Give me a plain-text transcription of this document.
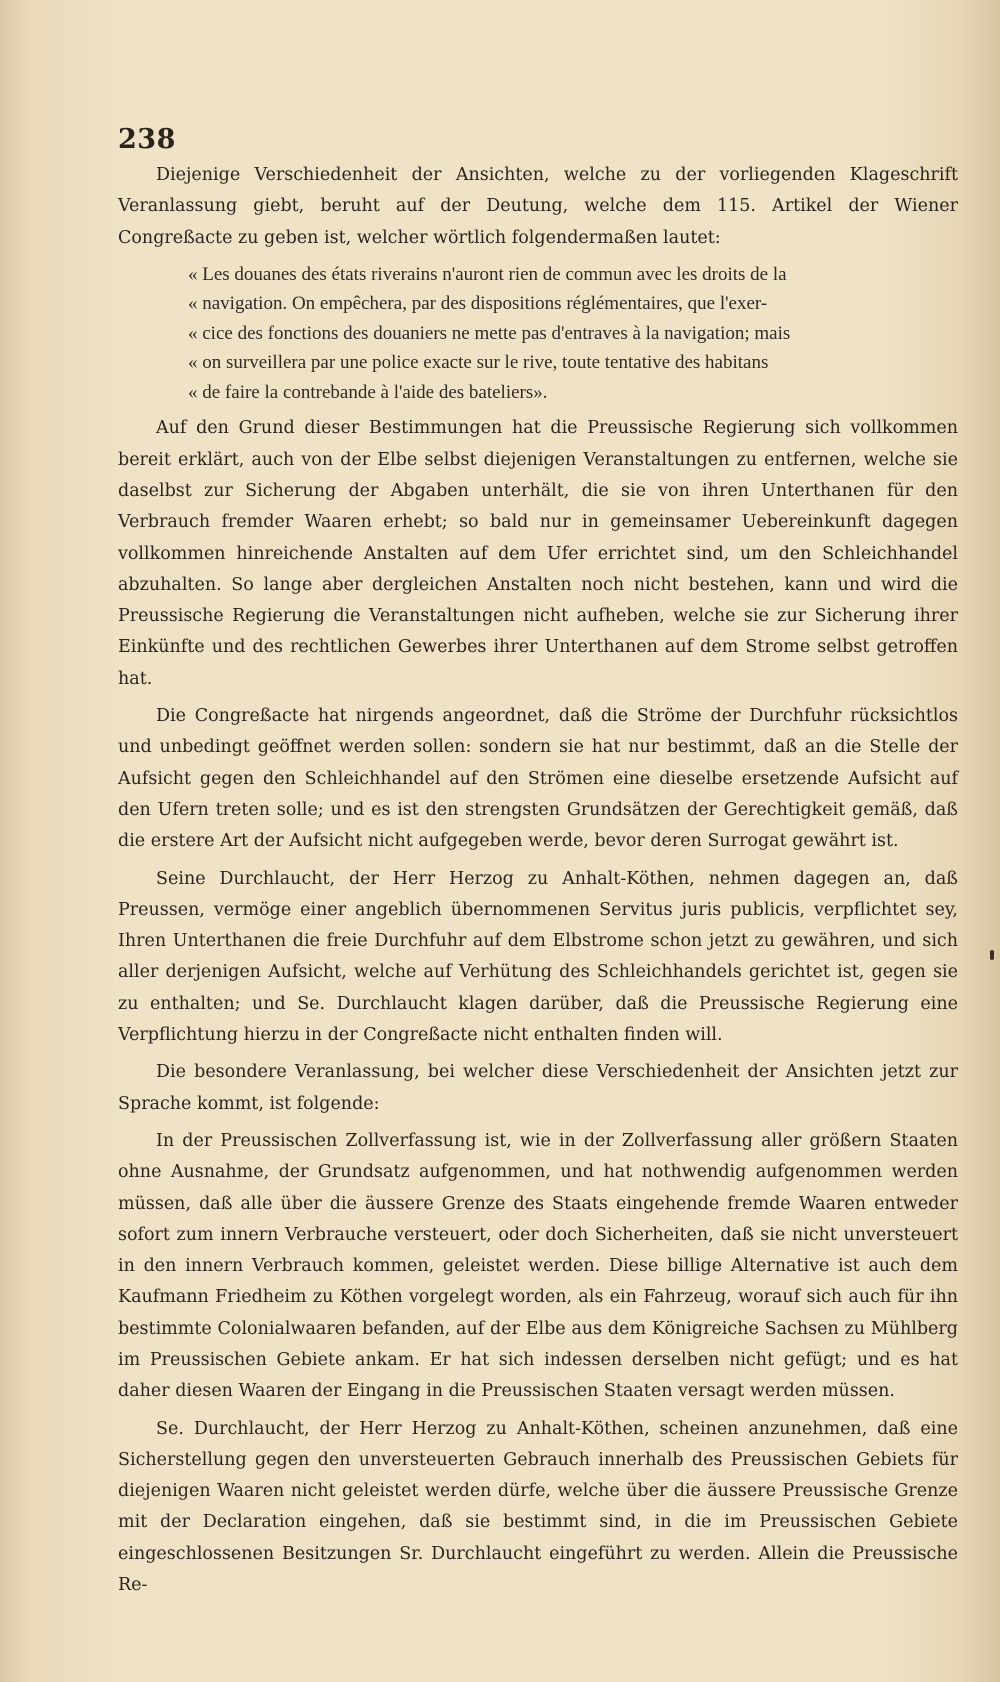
238

Diejenige Verschiedenheit der Ansichten, welche zu der vorliegenden Klageschrift Veranlassung giebt, beruht auf der Deutung, welche dem 115. Artikel der Wiener Congreßacte zu geben ist, welcher wörtlich folgendermaßen lautet:

« Les douanes des états riverains n'auront rien de commun avec les droits de la
« navigation. On empêchera, par des dispositions réglémentaires, que l'exer-
« cice des fonctions des douaniers ne mette pas d'entraves à la navigation; mais
« on surveillera par une police exacte sur le rive, toute tentative des habitans
« de faire la contrebande à l'aide des bateliers».

Auf den Grund dieser Bestimmungen hat die Preussische Regierung sich vollkommen bereit erklärt, auch von der Elbe selbst diejenigen Veranstaltungen zu entfernen, welche sie daselbst zur Sicherung der Abgaben unterhält, die sie von ihren Unterthanen für den Verbrauch fremder Waaren erhebt; so bald nur in gemeinsamer Uebereinkunft dagegen vollkommen hinreichende Anstalten auf dem Ufer errichtet sind, um den Schleichhandel abzuhalten. So lange aber dergleichen Anstalten noch nicht bestehen, kann und wird die Preussische Regierung die Veranstaltungen nicht aufheben, welche sie zur Sicherung ihrer Einkünfte und des rechtlichen Gewerbes ihrer Unterthanen auf dem Strome selbst getroffen hat.

Die Congreßacte hat nirgends angeordnet, daß die Ströme der Durchfuhr rücksichtlos und unbedingt geöffnet werden sollen: sondern sie hat nur bestimmt, daß an die Stelle der Aufsicht gegen den Schleichhandel auf den Strömen eine dieselbe ersetzende Aufsicht auf den Ufern treten solle; und es ist den strengsten Grundsätzen der Gerechtigkeit gemäß, daß die erstere Art der Aufsicht nicht aufgegeben werde, bevor deren Surrogat gewährt ist.

Seine Durchlaucht, der Herr Herzog zu Anhalt-Köthen, nehmen dagegen an, daß Preussen, vermöge einer angeblich übernommenen Servitus juris publicis, verpflichtet sey, Ihren Unterthanen die freie Durchfuhr auf dem Elbstrome schon jetzt zu gewähren, und sich aller derjenigen Aufsicht, welche auf Verhütung des Schleichhandels gerichtet ist, gegen sie zu enthalten; und Se. Durchlaucht klagen darüber, daß die Preussische Regierung eine Verpflichtung hierzu in der Congreßacte nicht enthalten finden will.

Die besondere Veranlassung, bei welcher diese Verschiedenheit der Ansichten jetzt zur Sprache kommt, ist folgende:

In der Preussischen Zollverfassung ist, wie in der Zollverfassung aller größern Staaten ohne Ausnahme, der Grundsatz aufgenommen, und hat nothwendig aufgenommen werden müssen, daß alle über die äussere Grenze des Staats eingehende fremde Waaren entweder sofort zum innern Verbrauche versteuert, oder doch Sicherheiten, daß sie nicht unversteuert in den innern Verbrauch kommen, geleistet werden. Diese billige Alternative ist auch dem Kaufmann Friedheim zu Köthen vorgelegt worden, als ein Fahrzeug, worauf sich auch für ihn bestimmte Colonialwaaren befanden, auf der Elbe aus dem Königreiche Sachsen zu Mühlberg im Preussischen Gebiete ankam. Er hat sich indessen derselben nicht gefügt; und es hat daher diesen Waaren der Eingang in die Preussischen Staaten versagt werden müssen.

Se. Durchlaucht, der Herr Herzog zu Anhalt-Köthen, scheinen anzunehmen, daß eine Sicherstellung gegen den unversteuerten Gebrauch innerhalb des Preussischen Gebiets für diejenigen Waaren nicht geleistet werden dürfe, welche über die äussere Preussische Grenze mit der Declaration eingehen, daß sie bestimmt sind, in die im Preussischen Gebiete eingeschlossenen Besitzungen Sr. Durchlaucht eingeführt zu werden. Allein die Preussische Re-
